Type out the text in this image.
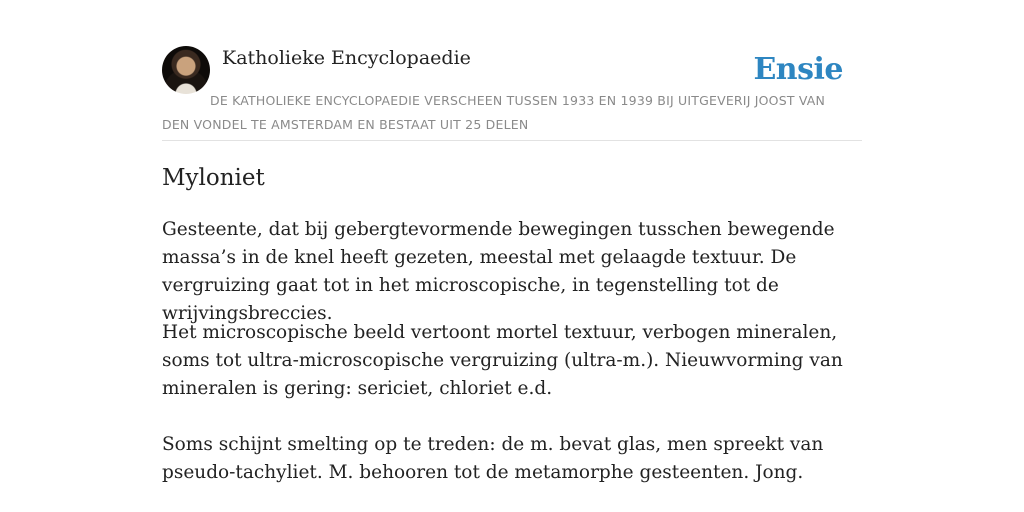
Katholieke Encyclopaedie	Ensie
DE KATHOLIEKE ENCYCLOPAEDIE VERSCHEEN TUSSEN 1933 EN 1939 BIJ UITGEVERIJ JOOST VAN DEN VONDEL TE AMSTERDAM EN BESTAAT UIT 25 DELEN
Myloniet

Gesteente, dat bij gebergtevormende bewegingen tusschen bewegende massa’s in de knel heeft gezeten, meestal met gelaagde textuur. De vergruizing gaat tot in het microscopische, in tegenstelling tot de wrijvingsbreccies.

Het microscopische beeld vertoont mortel textuur, verbogen mineralen, soms tot ultra-microscopische vergruizing (ultra-m.). Nieuwvorming van mineralen is gering: sericiet, chloriet e.d.

Soms schijnt smelting op te treden: de m. bevat glas, men spreekt van pseudo-tachyliet. M. behooren tot de metamorphe gesteenten. Jong.
